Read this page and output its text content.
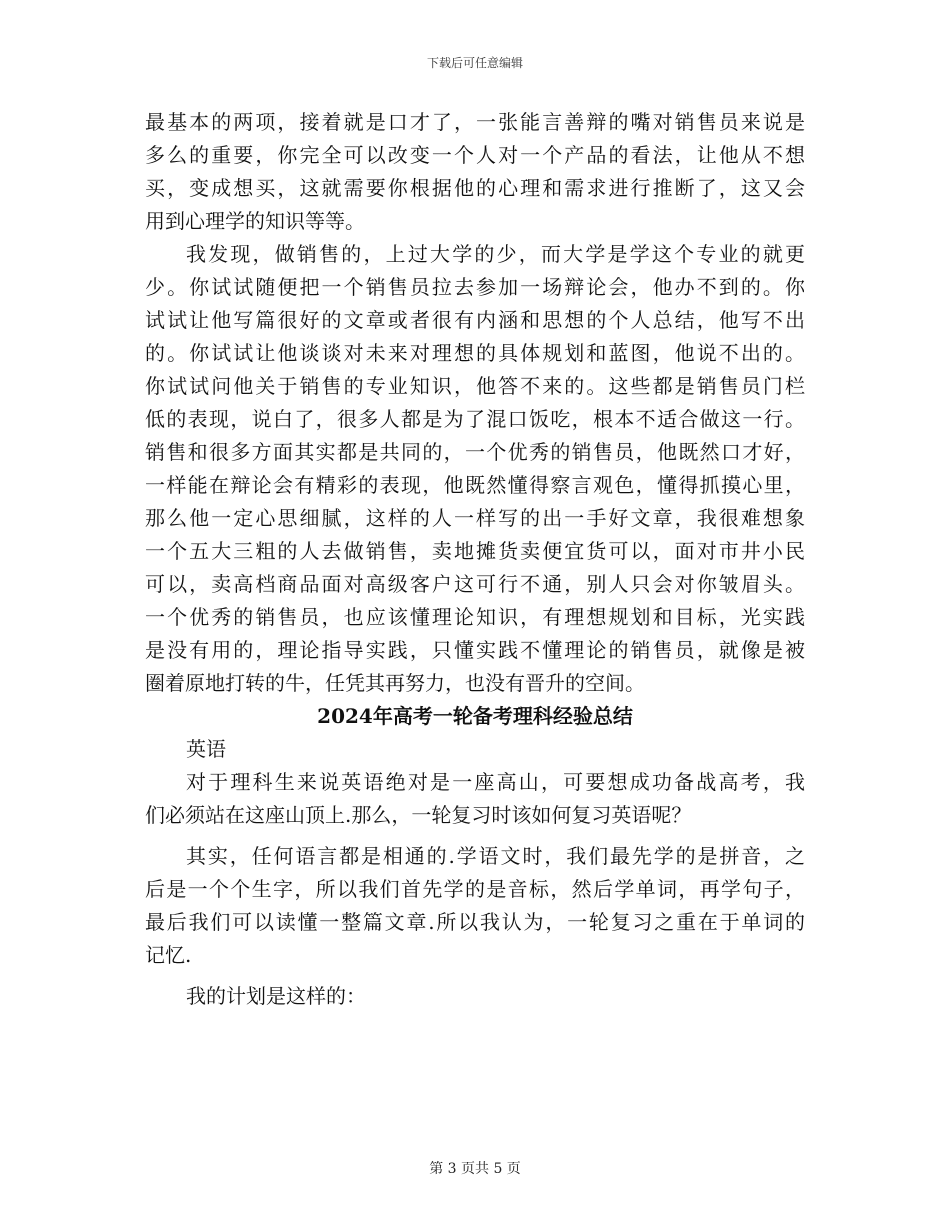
下载后可任意编辑
最基本的两项，接着就是口才了，一张能言善辩的嘴对销售员来说是
多么的重要，你完全可以改变一个人对一个产品的看法，让他从不想
买，变成想买，这就需要你根据他的心理和需求进行推断了，这又会
用到心理学的知识等等。
我发现，做销售的，上过大学的少，而大学是学这个专业的就更
少。你试试随便把一个销售员拉去参加一场辩论会，他办不到的。你
试试让他写篇很好的文章或者很有内涵和思想的个人总结，他写不出
的。你试试让他谈谈对未来对理想的具体规划和蓝图，他说不出的。
你试试问他关于销售的专业知识，他答不来的。这些都是销售员门栏
低的表现，说白了，很多人都是为了混口饭吃，根本不适合做这一行。
销售和很多方面其实都是共同的，一个优秀的销售员，他既然口才好，
一样能在辩论会有精彩的表现，他既然懂得察言观色，懂得抓摸心里，
那么他一定心思细腻，这样的人一样写的出一手好文章，我很难想象
一个五大三粗的人去做销售，卖地摊货卖便宜货可以，面对市井小民
可以，卖高档商品面对高级客户这可行不通，别人只会对你皱眉头。
一个优秀的销售员，也应该懂理论知识，有理想规划和目标，光实践
是没有用的，理论指导实践，只懂实践不懂理论的销售员，就像是被
圈着原地打转的牛，任凭其再努力，也没有晋升的空间。
2024年高考一轮备考理科经验总结
英语
对于理科生来说英语绝对是一座高山，可要想成功备战高考，我
们必须站在这座山顶上.那么，一轮复习时该如何复习英语呢？
其实，任何语言都是相通的.学语文时，我们最先学的是拼音，之
后是一个个生字，所以我们首先学的是音标，然后学单词，再学句子，
最后我们可以读懂一整篇文章.所以我认为，一轮复习之重在于单词的
记忆.
我的计划是这样的：
第 3 页共 5 页
